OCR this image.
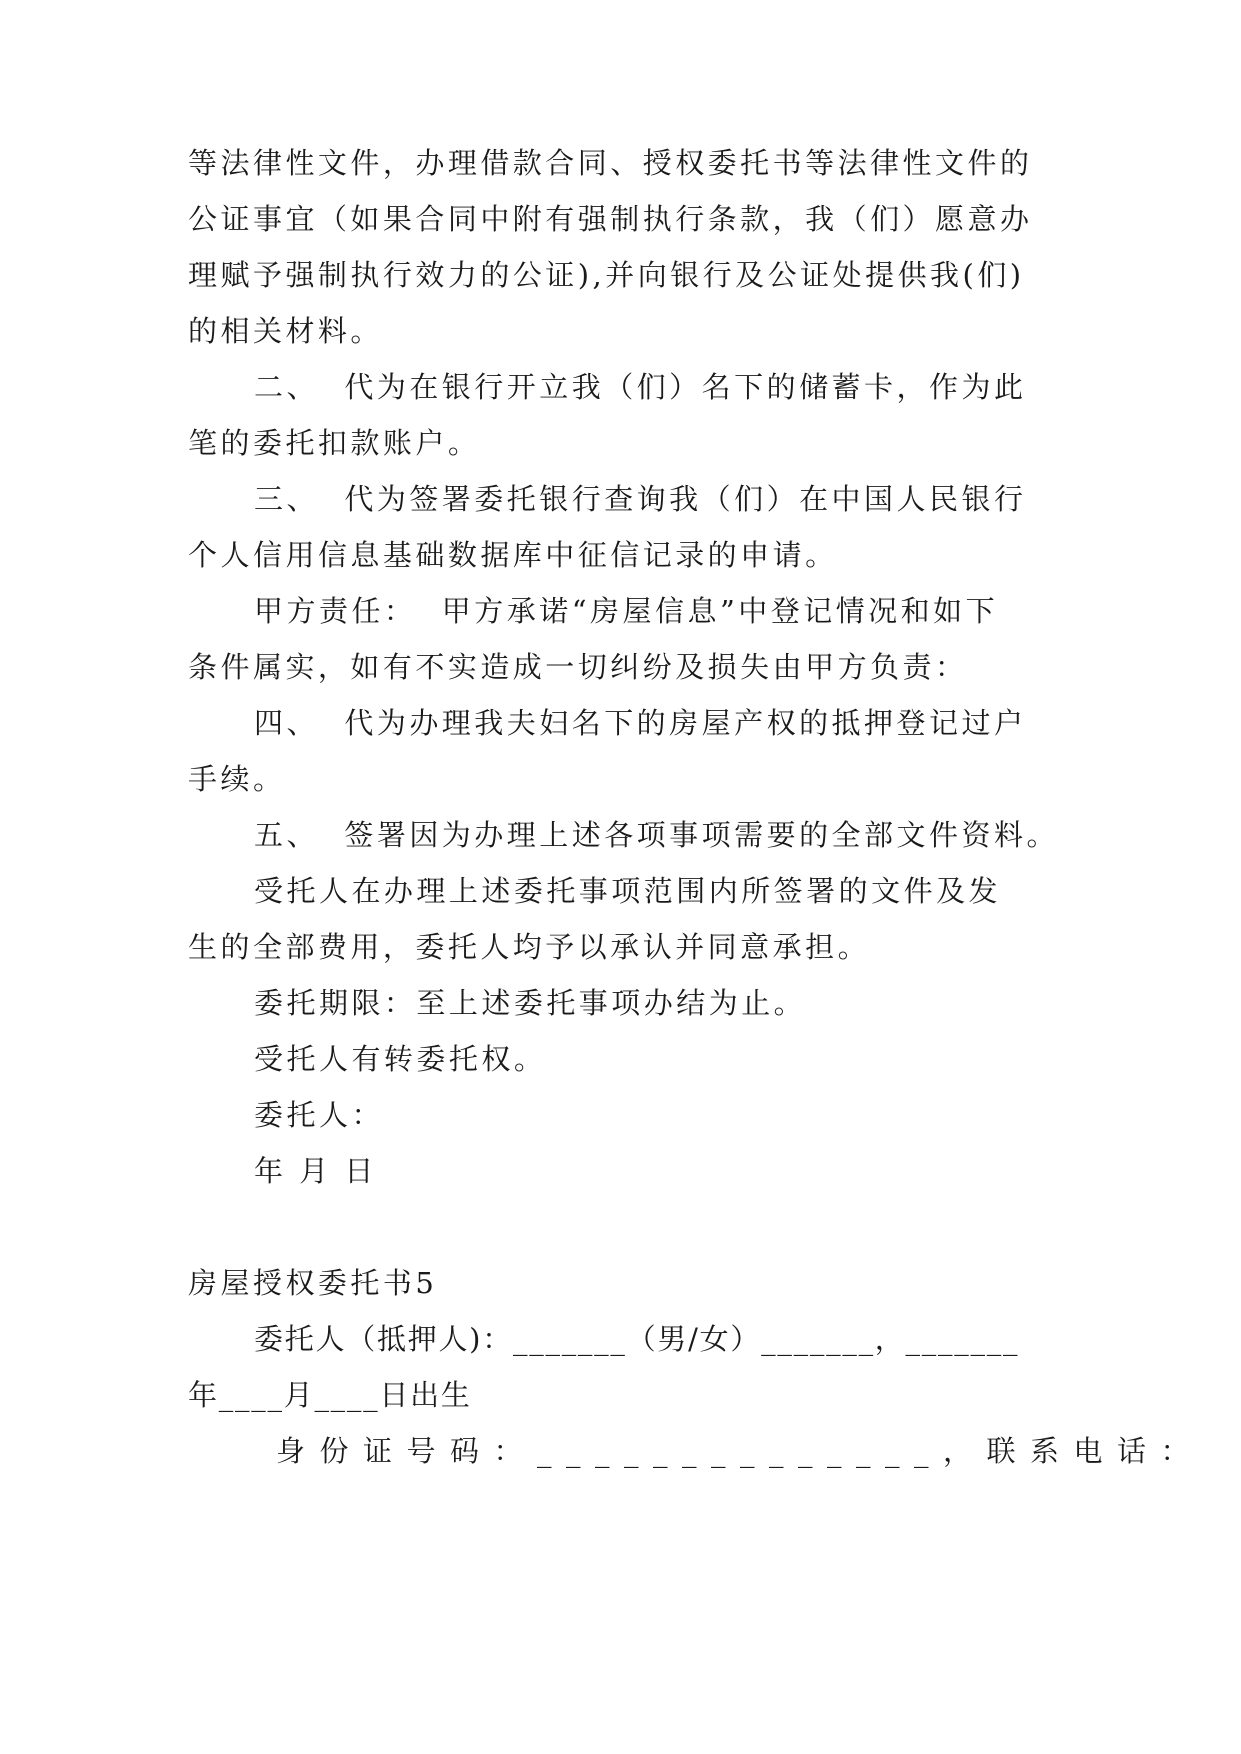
等法律性文件，办理借款合同、授权委托书等法律性文件的
公证事宜（如果合同中附有强制执行条款，我（们）愿意办
理赋予强制执行效力的公证),并向银行及公证处提供我(们)
的相关材料。
二、  代为在银行开立我（们）名下的储蓄卡，作为此
笔的委托扣款账户。
三、  代为签署委托银行查询我（们）在中国人民银行
个人信用信息基础数据库中征信记录的申请。
甲方责任：  甲方承诺“房屋信息”中登记情况和如下
条件属实，如有不实造成一切纠纷及损失由甲方负责：
四、  代为办理我夫妇名下的房屋产权的抵押登记过户
手续。
五、  签署因为办理上述各项事项需要的全部文件资料。
受托人在办理上述委托事项范围内所签署的文件及发
生的全部费用，委托人均予以承认并同意承担。
委托期限：至上述委托事项办结为止。
受托人有转委托权。
委托人：
年 月 日
房屋授权委托书5
委托人（抵押人)：_______（男/女）_______，_______
年____月____日出生
身份证号码：______________，联系电话：
